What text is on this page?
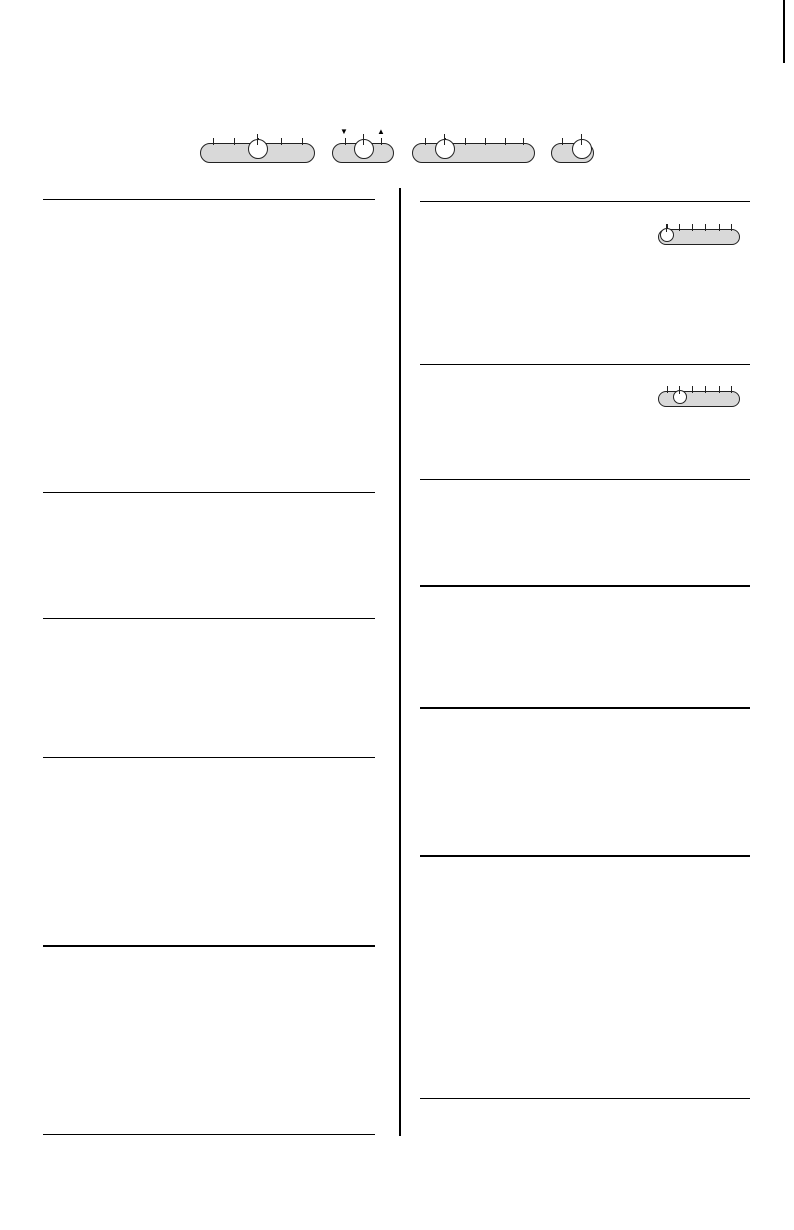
▼	▲
